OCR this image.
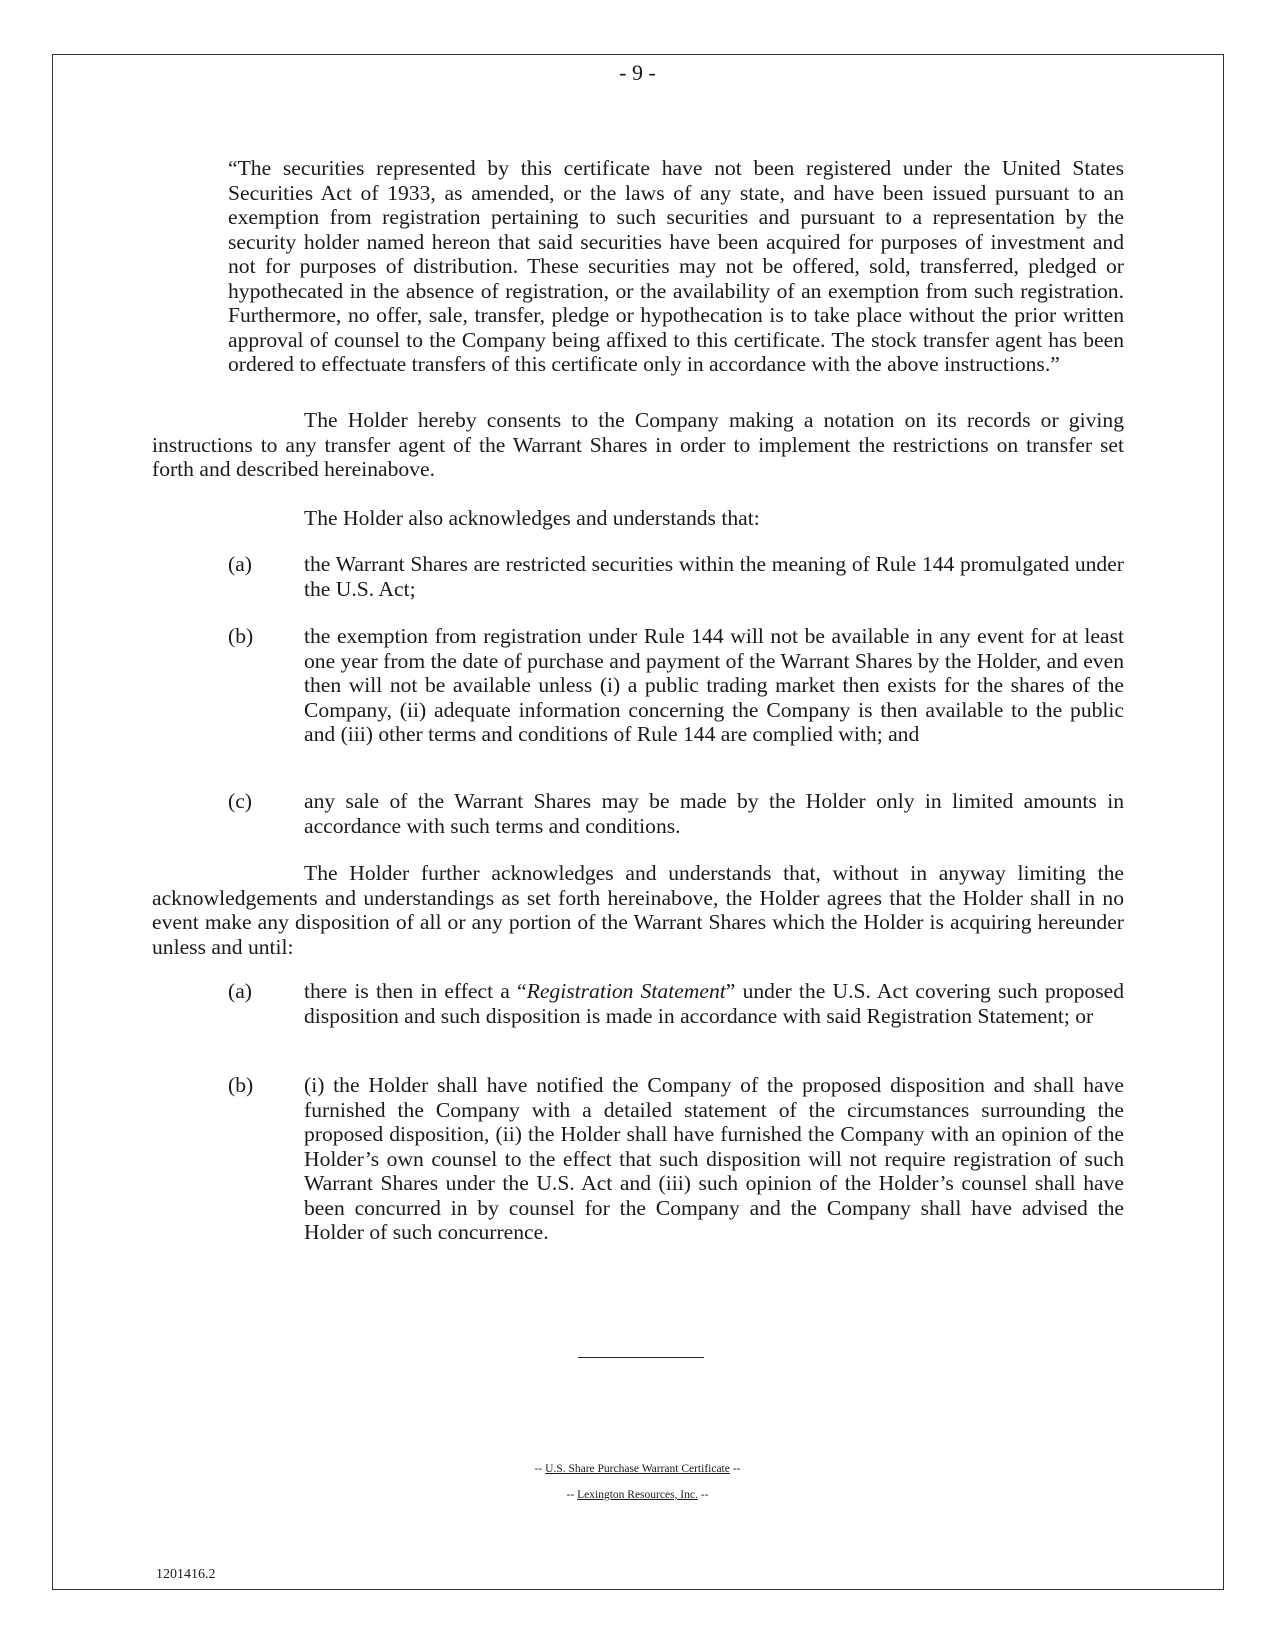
- 9 -
“The securities represented by this certificate have not been registered under the United States Securities Act of 1933, as amended, or the laws of any state, and have been issued pursuant to an exemption from registration pertaining to such securities and pursuant to a representation by the security holder named hereon that said securities have been acquired for purposes of investment and not for purposes of distribution. These securities may not be offered, sold, transferred, pledged or hypothecated in the absence of registration, or the availability of an exemption from such registration. Furthermore, no offer, sale, transfer, pledge or hypothecation is to take place without the prior written approval of counsel to the Company being affixed to this certificate. The stock transfer agent has been ordered to effectuate transfers of this certificate only in accordance with the above instructions.”
The Holder hereby consents to the Company making a notation on its records or giving instructions to any transfer agent of the Warrant Shares in order to implement the restrictions on transfer set forth and described hereinabove.
The Holder also acknowledges and understands that:
(a) the Warrant Shares are restricted securities within the meaning of Rule 144 promulgated under the U.S. Act;
(b) the exemption from registration under Rule 144 will not be available in any event for at least one year from the date of purchase and payment of the Warrant Shares by the Holder, and even then will not be available unless (i) a public trading market then exists for the shares of the Company, (ii) adequate information concerning the Company is then available to the public and (iii) other terms and conditions of Rule 144 are complied with; and
(c) any sale of the Warrant Shares may be made by the Holder only in limited amounts in accordance with such terms and conditions.
The Holder further acknowledges and understands that, without in anyway limiting the acknowledgements and understandings as set forth hereinabove, the Holder agrees that the Holder shall in no event make any disposition of all or any portion of the Warrant Shares which the Holder is acquiring hereunder unless and until:
(a) there is then in effect a “Registration Statement” under the U.S. Act covering such proposed disposition and such disposition is made in accordance with said Registration Statement; or
(b) (i) the Holder shall have notified the Company of the proposed disposition and shall have furnished the Company with a detailed statement of the circumstances surrounding the proposed disposition, (ii) the Holder shall have furnished the Company with an opinion of the Holder’s own counsel to the effect that such disposition will not require registration of such Warrant Shares under the U.S. Act and (iii) such opinion of the Holder’s counsel shall have been concurred in by counsel for the Company and the Company shall have advised the Holder of such concurrence.
-- U.S. Share Purchase Warrant Certificate --
-- Lexington Resources, Inc. --
1201416.2
